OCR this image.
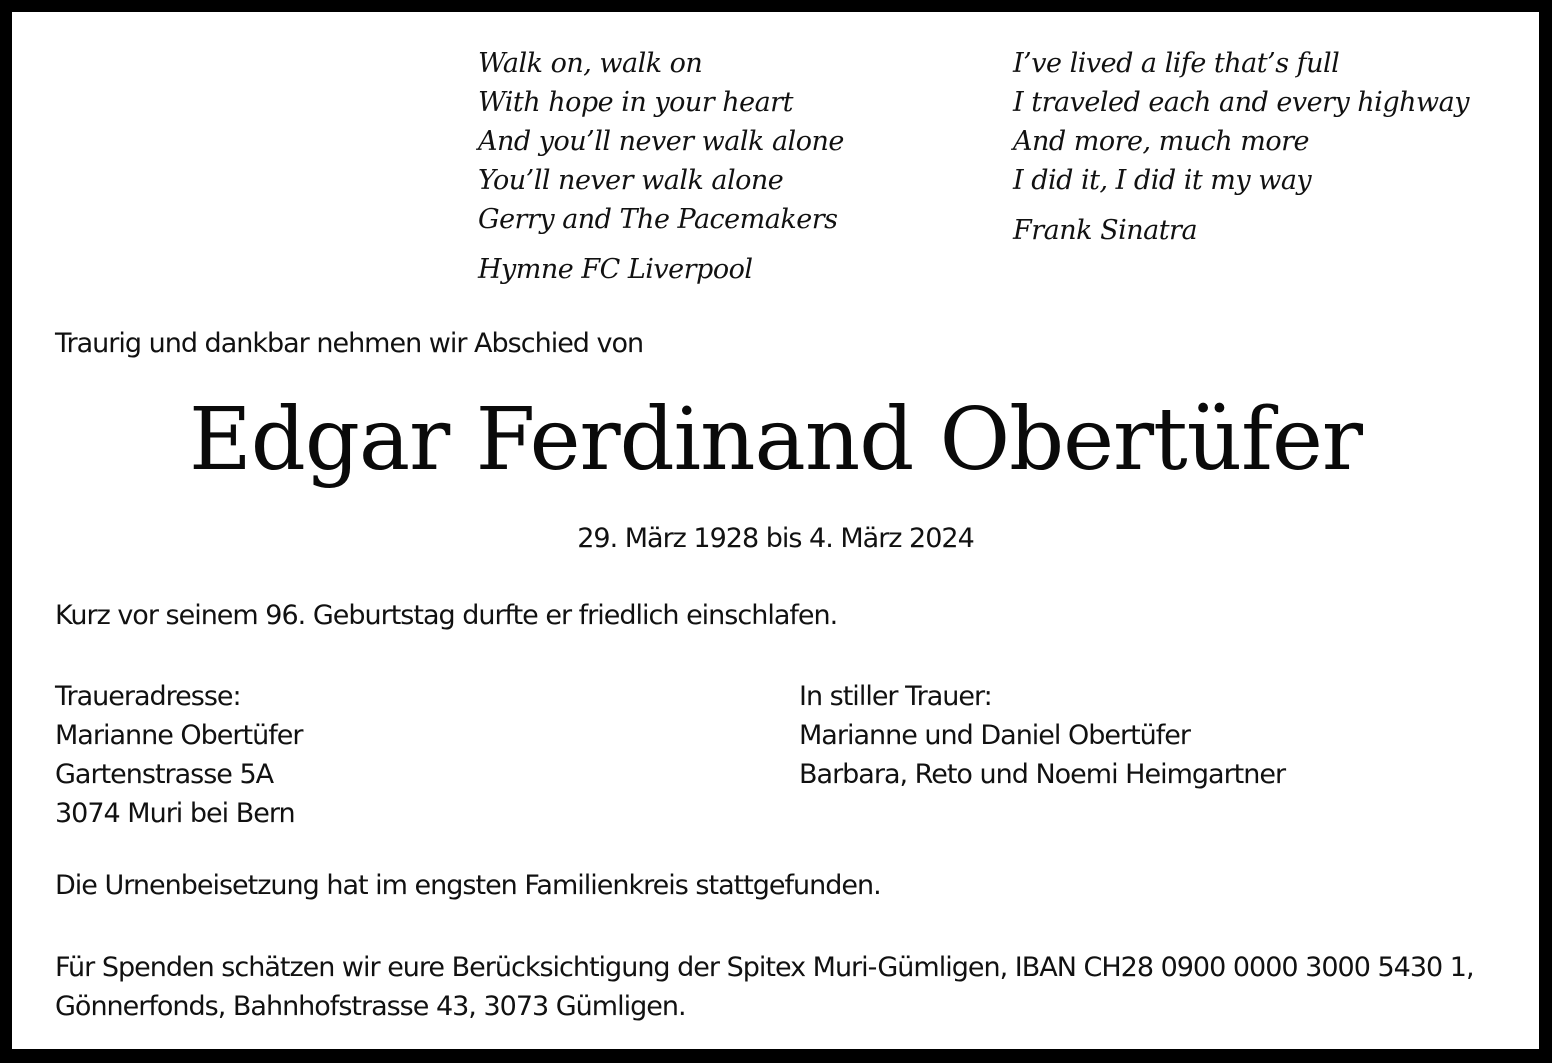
Walk on, walk on
With hope in your heart
And you’ll never walk alone
You’ll never walk alone
Gerry and The Pacemakers
Hymne FC Liverpool
I’ve lived a life that’s full
I traveled each and every highway
And more, much more
I did it, I did it my way
Frank Sinatra
Traurig und dankbar nehmen wir Abschied von
Edgar Ferdinand Obertüfer
29. März 1928 bis 4. März 2024
Kurz vor seinem 96. Geburtstag durfte er friedlich einschlafen.
Traueradresse:
Marianne Obertüfer
Gartenstrasse 5A
3074 Muri bei Bern
In stiller Trauer:
Marianne und Daniel Obertüfer
Barbara, Reto und Noemi Heimgartner
Die Urnenbeisetzung hat im engsten Familienkreis stattgefunden.
Für Spenden schätzen wir eure Berücksichtigung der Spitex Muri-Gümligen, IBAN CH28 0900 0000 3000 5430 1,
Gönnerfonds, Bahnhofstrasse 43, 3073 Gümligen.
